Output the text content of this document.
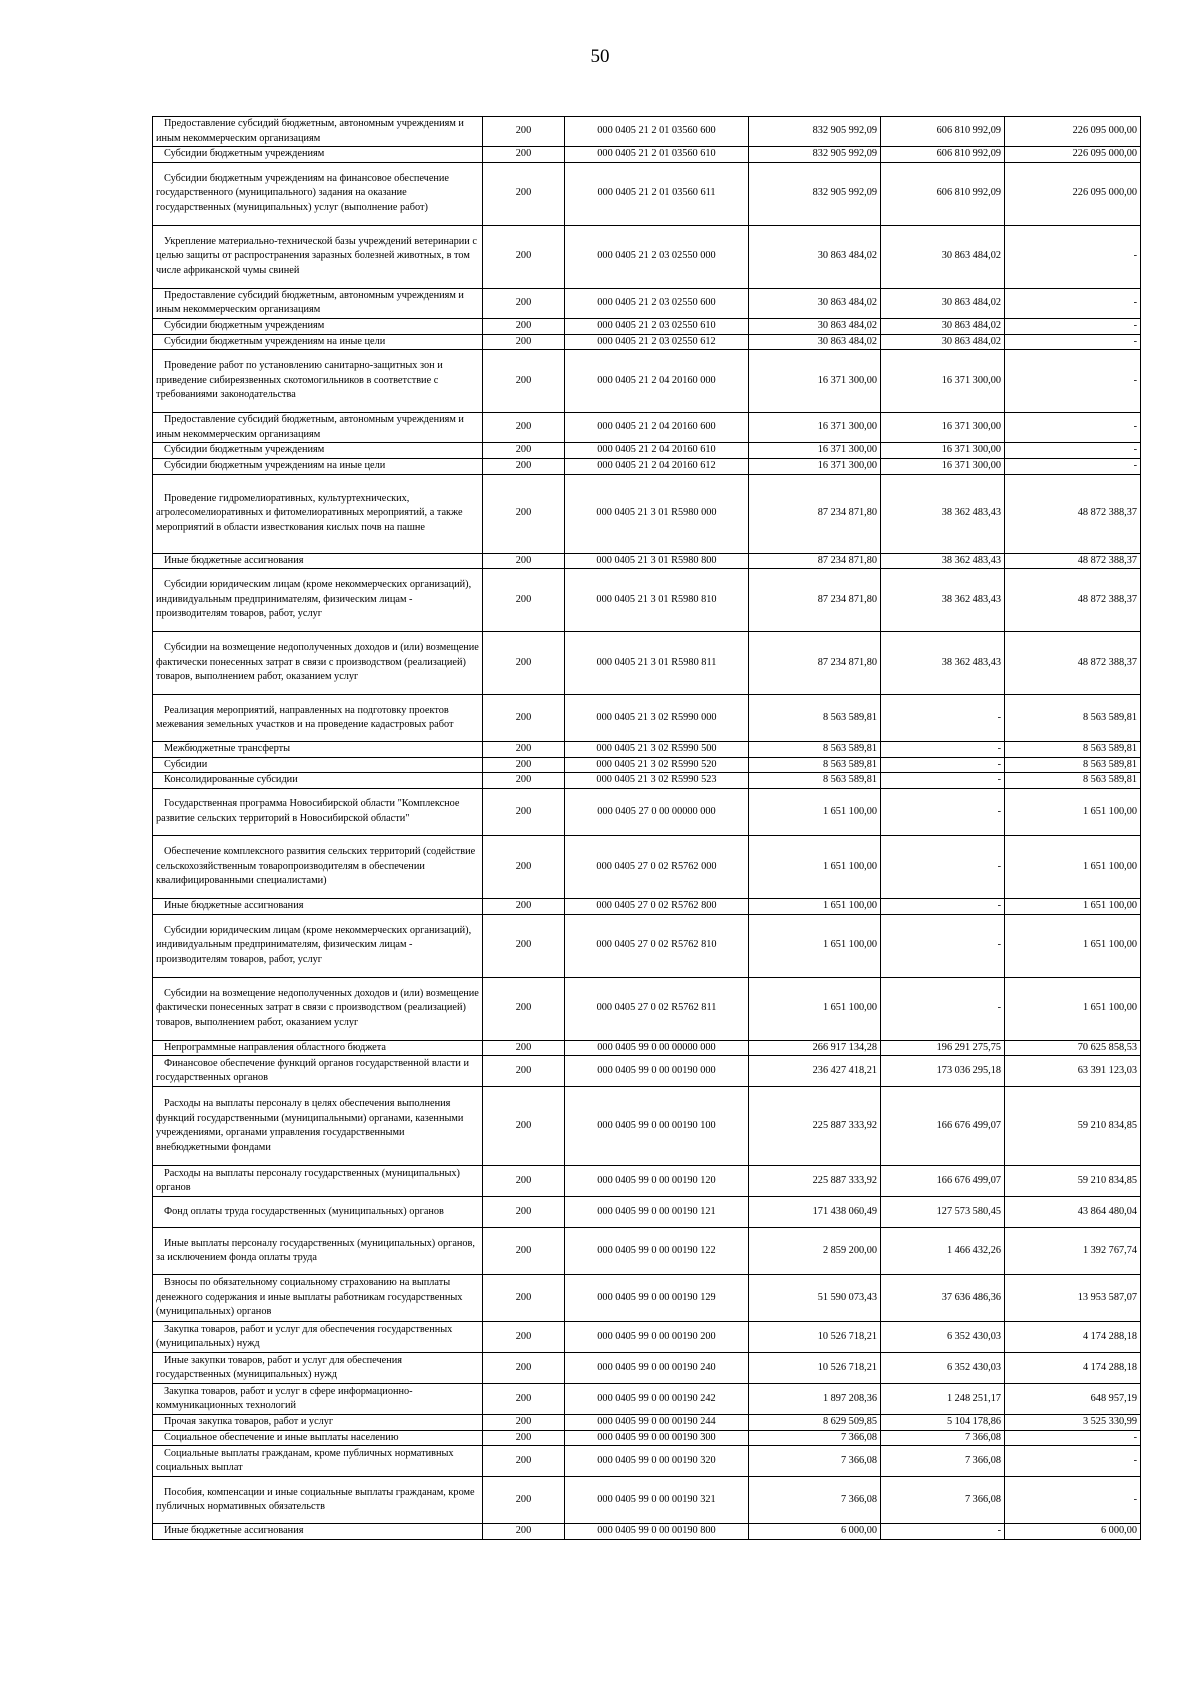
50
Предоставление субсидий бюджетным, автономным учреждениям и иным некоммерческим организациям	200	000 0405 21 2 01 03560 600	832 905 992,09	606 810 992,09	226 095 000,00

Субсидии бюджетным учреждениям	200	000 0405 21 2 01 03560 610	832 905 992,09	606 810 992,09	226 095 000,00

Субсидии бюджетным учреждениям на финансовое обеспечение государственного (муниципального) задания на оказание государственных (муниципальных) услуг (выполнение работ)	200	000 0405 21 2 01 03560 611	832 905 992,09	606 810 992,09	226 095 000,00

Укрепление материально-технической базы учреждений ветеринарии с целью защиты от распространения заразных болезней животных, в том числе африканской чумы свиней	200	000 0405 21 2 03 02550 000	30 863 484,02	30 863 484,02	-

Предоставление субсидий бюджетным, автономным учреждениям и иным некоммерческим организациям	200	000 0405 21 2 03 02550 600	30 863 484,02	30 863 484,02	-

Субсидии бюджетным учреждениям	200	000 0405 21 2 03 02550 610	30 863 484,02	30 863 484,02	-

Субсидии бюджетным учреждениям на иные цели	200	000 0405 21 2 03 02550 612	30 863 484,02	30 863 484,02	-

Проведение работ по установлению санитарно-защитных зон и приведение сибиреязвенных скотомогильников в соответствие с требованиями законодательства	200	000 0405 21 2 04 20160 000	16 371 300,00	16 371 300,00	-

Предоставление субсидий бюджетным, автономным учреждениям и иным некоммерческим организациям	200	000 0405 21 2 04 20160 600	16 371 300,00	16 371 300,00	-

Субсидии бюджетным учреждениям	200	000 0405 21 2 04 20160 610	16 371 300,00	16 371 300,00	-

Субсидии бюджетным учреждениям на иные цели	200	000 0405 21 2 04 20160 612	16 371 300,00	16 371 300,00	-

Проведение гидромелиоративных, культуртехнических, агролесомелиоративных и фитомелиоративных мероприятий, а также мероприятий в области известкования кислых почв на пашне	200	000 0405 21 3 01 R5980 000	87 234 871,80	38 362 483,43	48 872 388,37

Иные бюджетные ассигнования	200	000 0405 21 3 01 R5980 800	87 234 871,80	38 362 483,43	48 872 388,37

Субсидии юридическим лицам (кроме некоммерческих организаций), индивидуальным предпринимателям, физическим лицам - производителям товаров, работ, услуг	200	000 0405 21 3 01 R5980 810	87 234 871,80	38 362 483,43	48 872 388,37

Субсидии на возмещение недополученных доходов и (или) возмещение фактически понесенных затрат в связи с производством (реализацией) товаров, выполнением работ, оказанием услуг	200	000 0405 21 3 01 R5980 811	87 234 871,80	38 362 483,43	48 872 388,37

Реализация мероприятий, направленных на подготовку проектов межевания земельных участков и на проведение кадастровых работ	200	000 0405 21 3 02 R5990 000	8 563 589,81	-	8 563 589,81

Межбюджетные трансферты	200	000 0405 21 3 02 R5990 500	8 563 589,81	-	8 563 589,81

Субсидии	200	000 0405 21 3 02 R5990 520	8 563 589,81	-	8 563 589,81

Консолидированные субсидии	200	000 0405 21 3 02 R5990 523	8 563 589,81	-	8 563 589,81

Государственная программа Новосибирской области "Комплексное развитие сельских территорий в Новосибирской области"	200	000 0405 27 0 00 00000 000	1 651 100,00	-	1 651 100,00

Обеспечение комплексного развития сельских территорий (содействие сельскохозяйственным товаропроизводителям в обеспечении квалифицированными специалистами)	200	000 0405 27 0 02 R5762 000	1 651 100,00	-	1 651 100,00

Иные бюджетные ассигнования	200	000 0405 27 0 02 R5762 800	1 651 100,00	-	1 651 100,00

Субсидии юридическим лицам (кроме некоммерческих организаций), индивидуальным предпринимателям, физическим лицам - производителям товаров, работ, услуг	200	000 0405 27 0 02 R5762 810	1 651 100,00	-	1 651 100,00

Субсидии на возмещение недополученных доходов и (или) возмещение фактически понесенных затрат в связи с производством (реализацией) товаров, выполнением работ, оказанием услуг	200	000 0405 27 0 02 R5762 811	1 651 100,00	-	1 651 100,00

Непрограммные направления областного бюджета	200	000 0405 99 0 00 00000 000	266 917 134,28	196 291 275,75	70 625 858,53

Финансовое обеспечение функций органов государственной власти и государственных органов	200	000 0405 99 0 00 00190 000	236 427 418,21	173 036 295,18	63 391 123,03

Расходы на выплаты персоналу в целях обеспечения выполнения функций государственными (муниципальными) органами, казенными учреждениями, органами управления государственными внебюджетными фондами	200	000 0405 99 0 00 00190 100	225 887 333,92	166 676 499,07	59 210 834,85

Расходы на выплаты персоналу государственных (муниципальных) органов	200	000 0405 99 0 00 00190 120	225 887 333,92	166 676 499,07	59 210 834,85

Фонд оплаты труда государственных (муниципальных) органов	200	000 0405 99 0 00 00190 121	171 438 060,49	127 573 580,45	43 864 480,04

Иные выплаты персоналу государственных (муниципальных) органов, за исключением фонда оплаты труда	200	000 0405 99 0 00 00190 122	2 859 200,00	1 466 432,26	1 392 767,74

Взносы по обязательному социальному страхованию на выплаты денежного содержания и иные выплаты работникам государственных (муниципальных) органов	200	000 0405 99 0 00 00190 129	51 590 073,43	37 636 486,36	13 953 587,07

Закупка товаров, работ и услуг для обеспечения государственных (муниципальных) нужд	200	000 0405 99 0 00 00190 200	10 526 718,21	6 352 430,03	4 174 288,18

Иные закупки товаров, работ и услуг для обеспечения государственных (муниципальных) нужд	200	000 0405 99 0 00 00190 240	10 526 718,21	6 352 430,03	4 174 288,18

Закупка товаров, работ и услуг в сфере информационно-коммуникационных технологий	200	000 0405 99 0 00 00190 242	1 897 208,36	1 248 251,17	648 957,19

Прочая закупка товаров, работ и услуг	200	000 0405 99 0 00 00190 244	8 629 509,85	5 104 178,86	3 525 330,99

Социальное обеспечение и иные выплаты населению	200	000 0405 99 0 00 00190 300	7 366,08	7 366,08	-

Социальные выплаты гражданам, кроме публичных нормативных социальных выплат	200	000 0405 99 0 00 00190 320	7 366,08	7 366,08	-

Пособия, компенсации и иные социальные выплаты гражданам, кроме публичных нормативных обязательств	200	000 0405 99 0 00 00190 321	7 366,08	7 366,08	-

Иные бюджетные ассигнования	200	000 0405 99 0 00 00190 800	6 000,00	-	6 000,00
